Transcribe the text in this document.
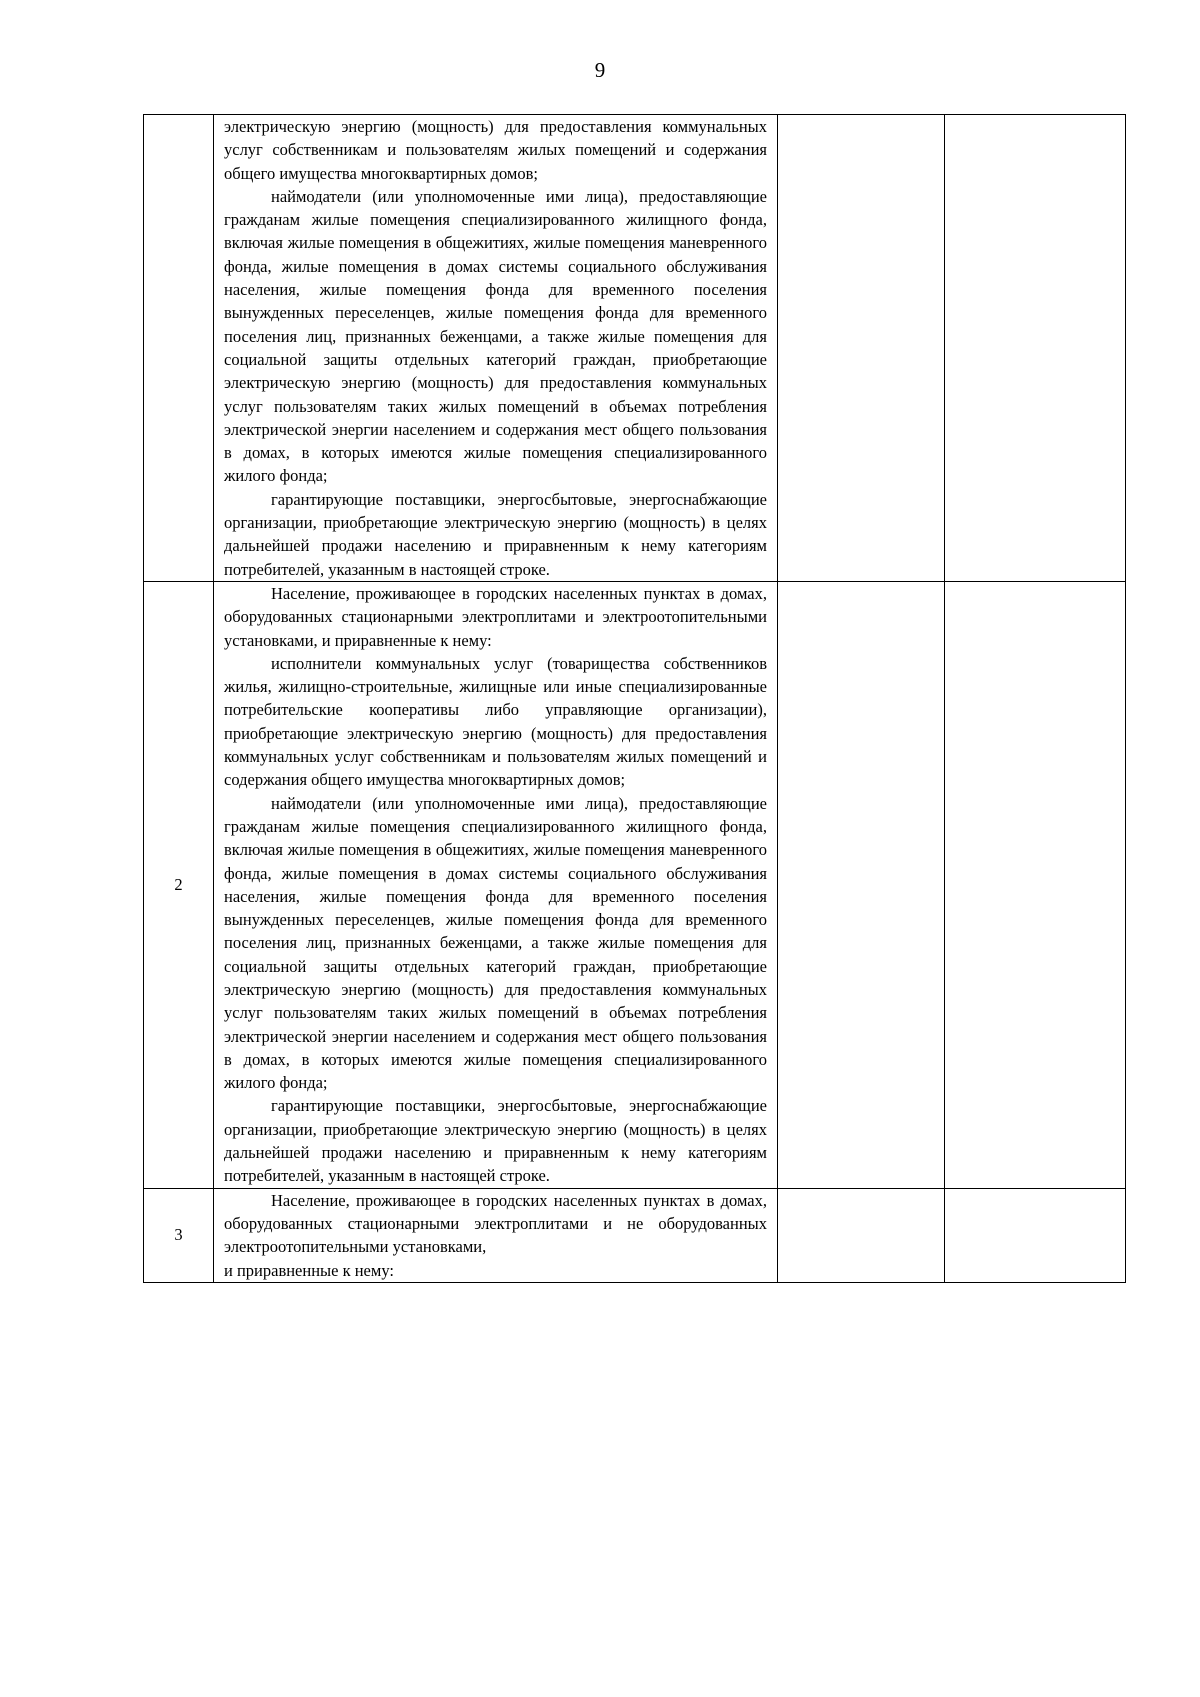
9

	электрическую энергию (мощность) для предоставления коммунальных услуг собственникам и пользователям жилых помещений и содержания общего имущества многоквартирных домов;

наймодатели (или уполномоченные ими лица), предоставляющие гражданам жилые помещения специализированного жилищного фонда, включая жилые помещения в общежитиях, жилые помещения маневренного фонда, жилые помещения в домах системы социального обслуживания населения, жилые помещения фонда для временного поселения вынужденных переселенцев, жилые помещения фонда для временного поселения лиц, признанных беженцами, а также жилые помещения для социальной защиты отдельных категорий граждан, приобретающие электрическую энергию (мощность) для предоставления коммунальных услуг пользователям таких жилых помещений в объемах потребления электрической энергии населением и содержания мест общего пользования в домах, в которых имеются жилые помещения специализированного жилого фонда;

гарантирующие поставщики, энергосбытовые, энергоснабжающие организации, приобретающие электрическую энергию (мощность) в целях дальнейшей продажи населению и приравненным к нему категориям потребителей, указанным в настоящей строке.		

2	Население, проживающее в городских населенных пунктах в домах, оборудованных стационарными электроплитами и электроотопительными установками, и приравненные к нему:

исполнители коммунальных услуг (товарищества собственников жилья, жилищно-строительные, жилищные или иные специализированные потребительские кооперативы либо управляющие организации), приобретающие электрическую энергию (мощность) для предоставления коммунальных услуг собственникам и пользователям жилых помещений и содержания общего имущества многоквартирных домов;

наймодатели (или уполномоченные ими лица), предоставляющие гражданам жилые помещения специализированного жилищного фонда, включая жилые помещения в общежитиях, жилые помещения маневренного фонда, жилые помещения в домах системы социального обслуживания населения, жилые помещения фонда для временного поселения вынужденных переселенцев, жилые помещения фонда для временного поселения лиц, признанных беженцами, а также жилые помещения для социальной защиты отдельных категорий граждан, приобретающие электрическую энергию (мощность) для предоставления коммунальных услуг пользователям таких жилых помещений в объемах потребления электрической энергии населением и содержания мест общего пользования в домах, в которых имеются жилые помещения специализированного жилого фонда;

гарантирующие поставщики, энергосбытовые, энергоснабжающие организации, приобретающие электрическую энергию (мощность) в целях дальнейшей продажи населению и приравненным к нему категориям потребителей, указанным в настоящей строке.		

3	Население, проживающее в городских населенных пунктах в домах, оборудованных стационарными электроплитами и не оборудованных электроотопительными установками,

и приравненные к нему:		
